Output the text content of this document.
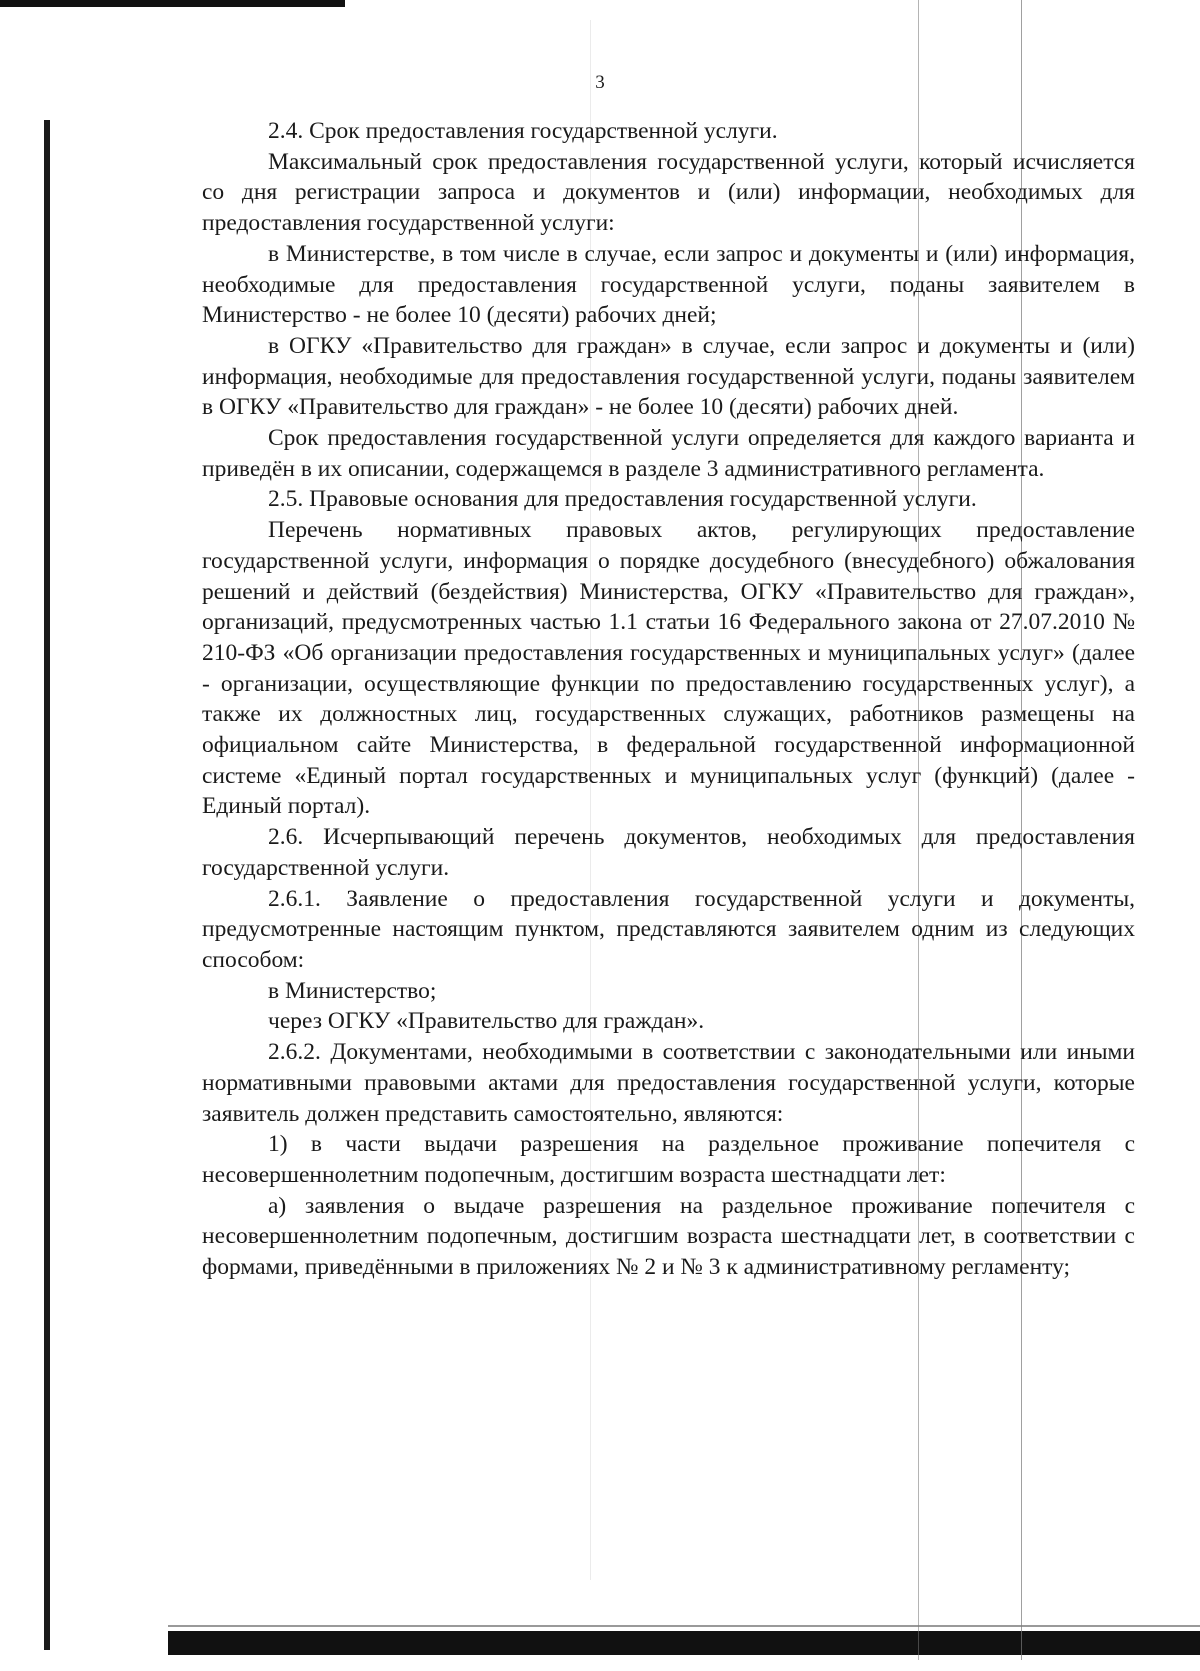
3

2.4. Срок предоставления государственной услуги.

Максимальный срок предоставления государственной услуги, который исчисляется со дня регистрации запроса и документов и (или) информации, необходимых для предоставления государственной услуги:

в Министерстве, в том числе в случае, если запрос и документы и (или) информация, необходимые для предоставления государственной услуги, поданы заявителем в Министерство - не более 10 (десяти) рабочих дней;

в ОГКУ «Правительство для граждан» в случае, если запрос и документы и (или) информация, необходимые для предоставления государственной услуги, поданы заявителем в ОГКУ «Правительство для граждан» - не более 10 (десяти) рабочих дней.

Срок предоставления государственной услуги определяется для каждого варианта и приведён в их описании, содержащемся в разделе 3 административного регламента.

2.5. Правовые основания для предоставления государственной услуги.

Перечень нормативных правовых актов, регулирующих предоставление государственной услуги, информация о порядке досудебного (внесудебного) обжалования решений и действий (бездействия) Министерства, ОГКУ «Правительство для граждан», организаций, предусмотренных частью 1.1 статьи 16 Федерального закона от 27.07.2010 № 210-ФЗ «Об организации предоставления государственных и муниципальных услуг» (далее - организации, осуществляющие функции по предоставлению государственных услуг), а также их должностных лиц, государственных служащих, работников размещены на официальном сайте Министерства, в федеральной государственной информационной системе «Единый портал государственных и муниципальных услуг (функций) (далее - Единый портал).

2.6. Исчерпывающий перечень документов, необходимых для предоставления государственной услуги.

2.6.1. Заявление о предоставления государственной услуги и документы, предусмотренные настоящим пунктом, представляются заявителем одним из следующих способом:

в Министерство;

через ОГКУ «Правительство для граждан».

2.6.2. Документами, необходимыми в соответствии с законодательными или иными нормативными правовыми актами для предоставления государственной услуги, которые заявитель должен представить самостоятельно, являются:

1) в части выдачи разрешения на раздельное проживание попечителя с несовершеннолетним подопечным, достигшим возраста шестнадцати лет:

а) заявления о выдаче разрешения на раздельное проживание попечителя с несовершеннолетним подопечным, достигшим возраста шестнадцати лет, в соответствии с формами, приведёнными в приложениях № 2 и № 3 к административному регламенту;
